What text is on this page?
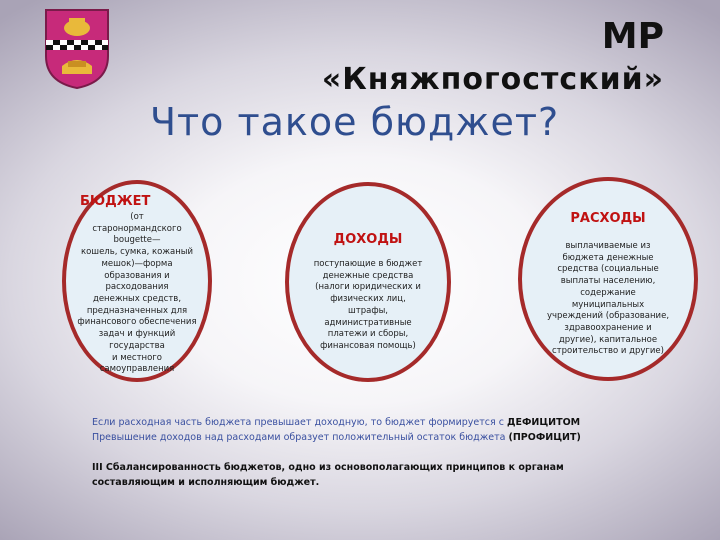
МР
«Княжпогостский»
Что такое бюджет?
БЮДЖЕТ
(от
старонормандского
bougette—
кошель, сумка, кожаный
мешок)—форма
образования и
расходования
денежных средств,
предназначенных для
финансового обеспечения
задач и функций
государства
и местного
самоуправления
ДОХОДЫ
поступающие в бюджет
денежные средства
(налоги юридических и
физических лиц,
штрафы,
административные
платежи и сборы,
финансовая помощь)
РАСХОДЫ
выплачиваемые из
бюджета денежные
средства (социальные
выплаты населению,
содержание
муниципальных
учреждений (образование,
здравоохранение и
другие), капитальное
строительство и другие)
Если расходная часть бюджета превышает доходную, то бюджет формируется с ДЕФИЦИТОМ
Превышение доходов над расходами образует положительный остаток бюджета (ПРОФИЦИТ)
III Сбалансированность бюджетов, одно из основополагающих принципов к органам
составляющим и исполняющим бюджет.
